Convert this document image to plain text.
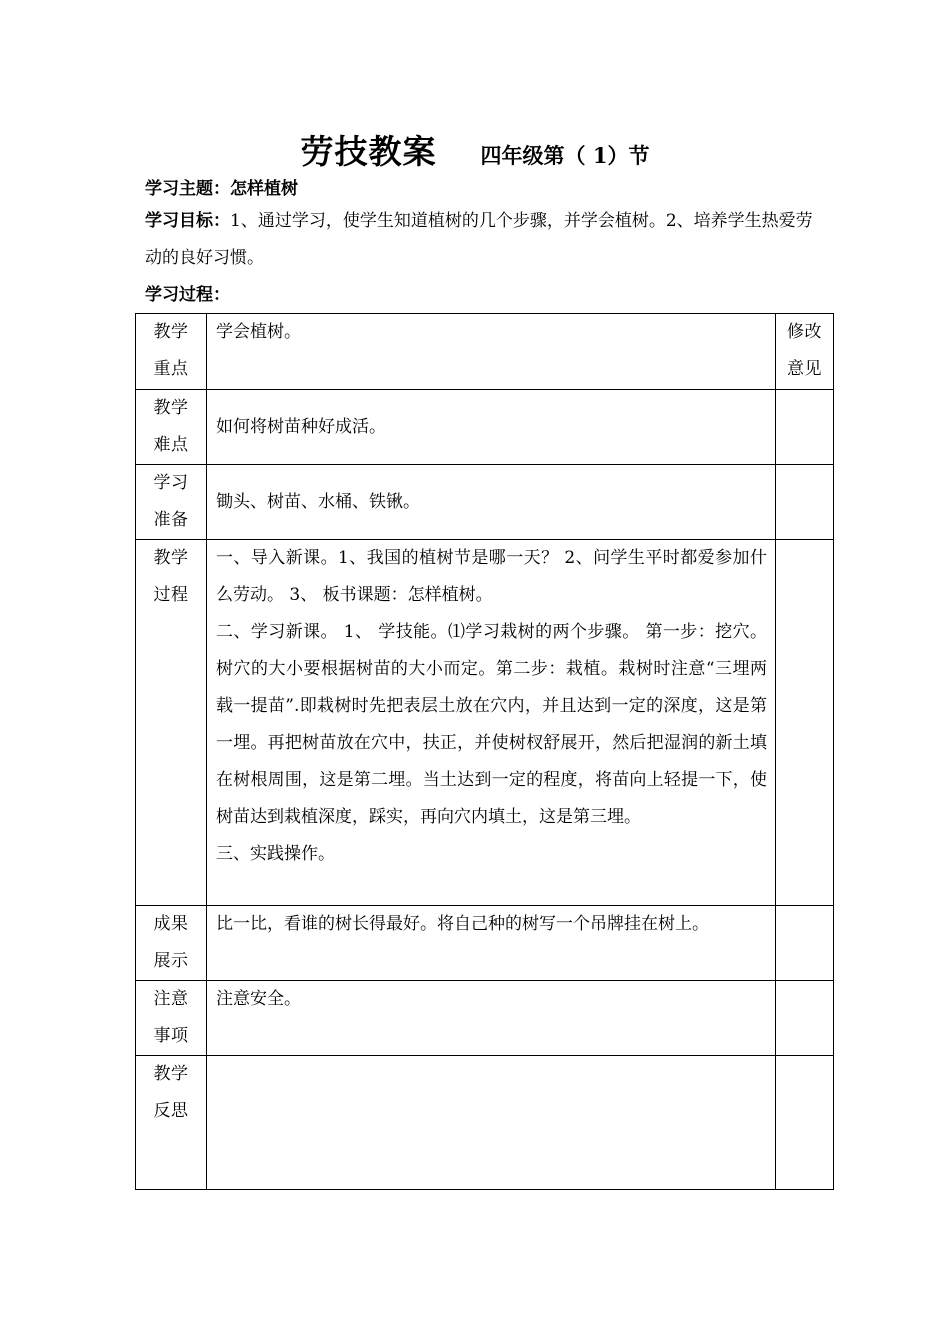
劳技教案 四年级第（ 1）节
学习主题：怎样植树
学习目标：1、通过学习，使学生知道植树的几个步骤，并学会植树。2、培养学生热爱劳动的良好习惯。
学习过程：
教学
重点	学会植树。	修改
意见

教学
难点	如何将树苗种好成活。	

学习
准备	锄头、树苗、水桶、铁锹。	

教学
过程	一、导入新课。1、我国的植树节是哪一天？ 2、问学生平时都爱参加什么劳动。 3、 板书课题：怎样植树。
二、学习新课。 1、 学技能。⑴学习栽树的两个步骤。 第一步：挖穴。树穴的大小要根据树苗的大小而定。第二步：栽植。栽树时注意“三埋两载一提苗”.即栽树时先把表层土放在穴内，并且达到一定的深度，这是第一埋。再把树苗放在穴中，扶正，并使树杈舒展开，然后把湿润的新土填在树根周围，这是第二埋。当土达到一定的程度，将苗向上轻提一下，使树苗达到栽植深度，踩实，再向穴内填土，这是第三埋。
三、实践操作。	

成果
展示	比一比，看谁的树长得最好。将自己种的树写一个吊牌挂在树上。	

注意
事项	注意安全。	

教学
反思		
